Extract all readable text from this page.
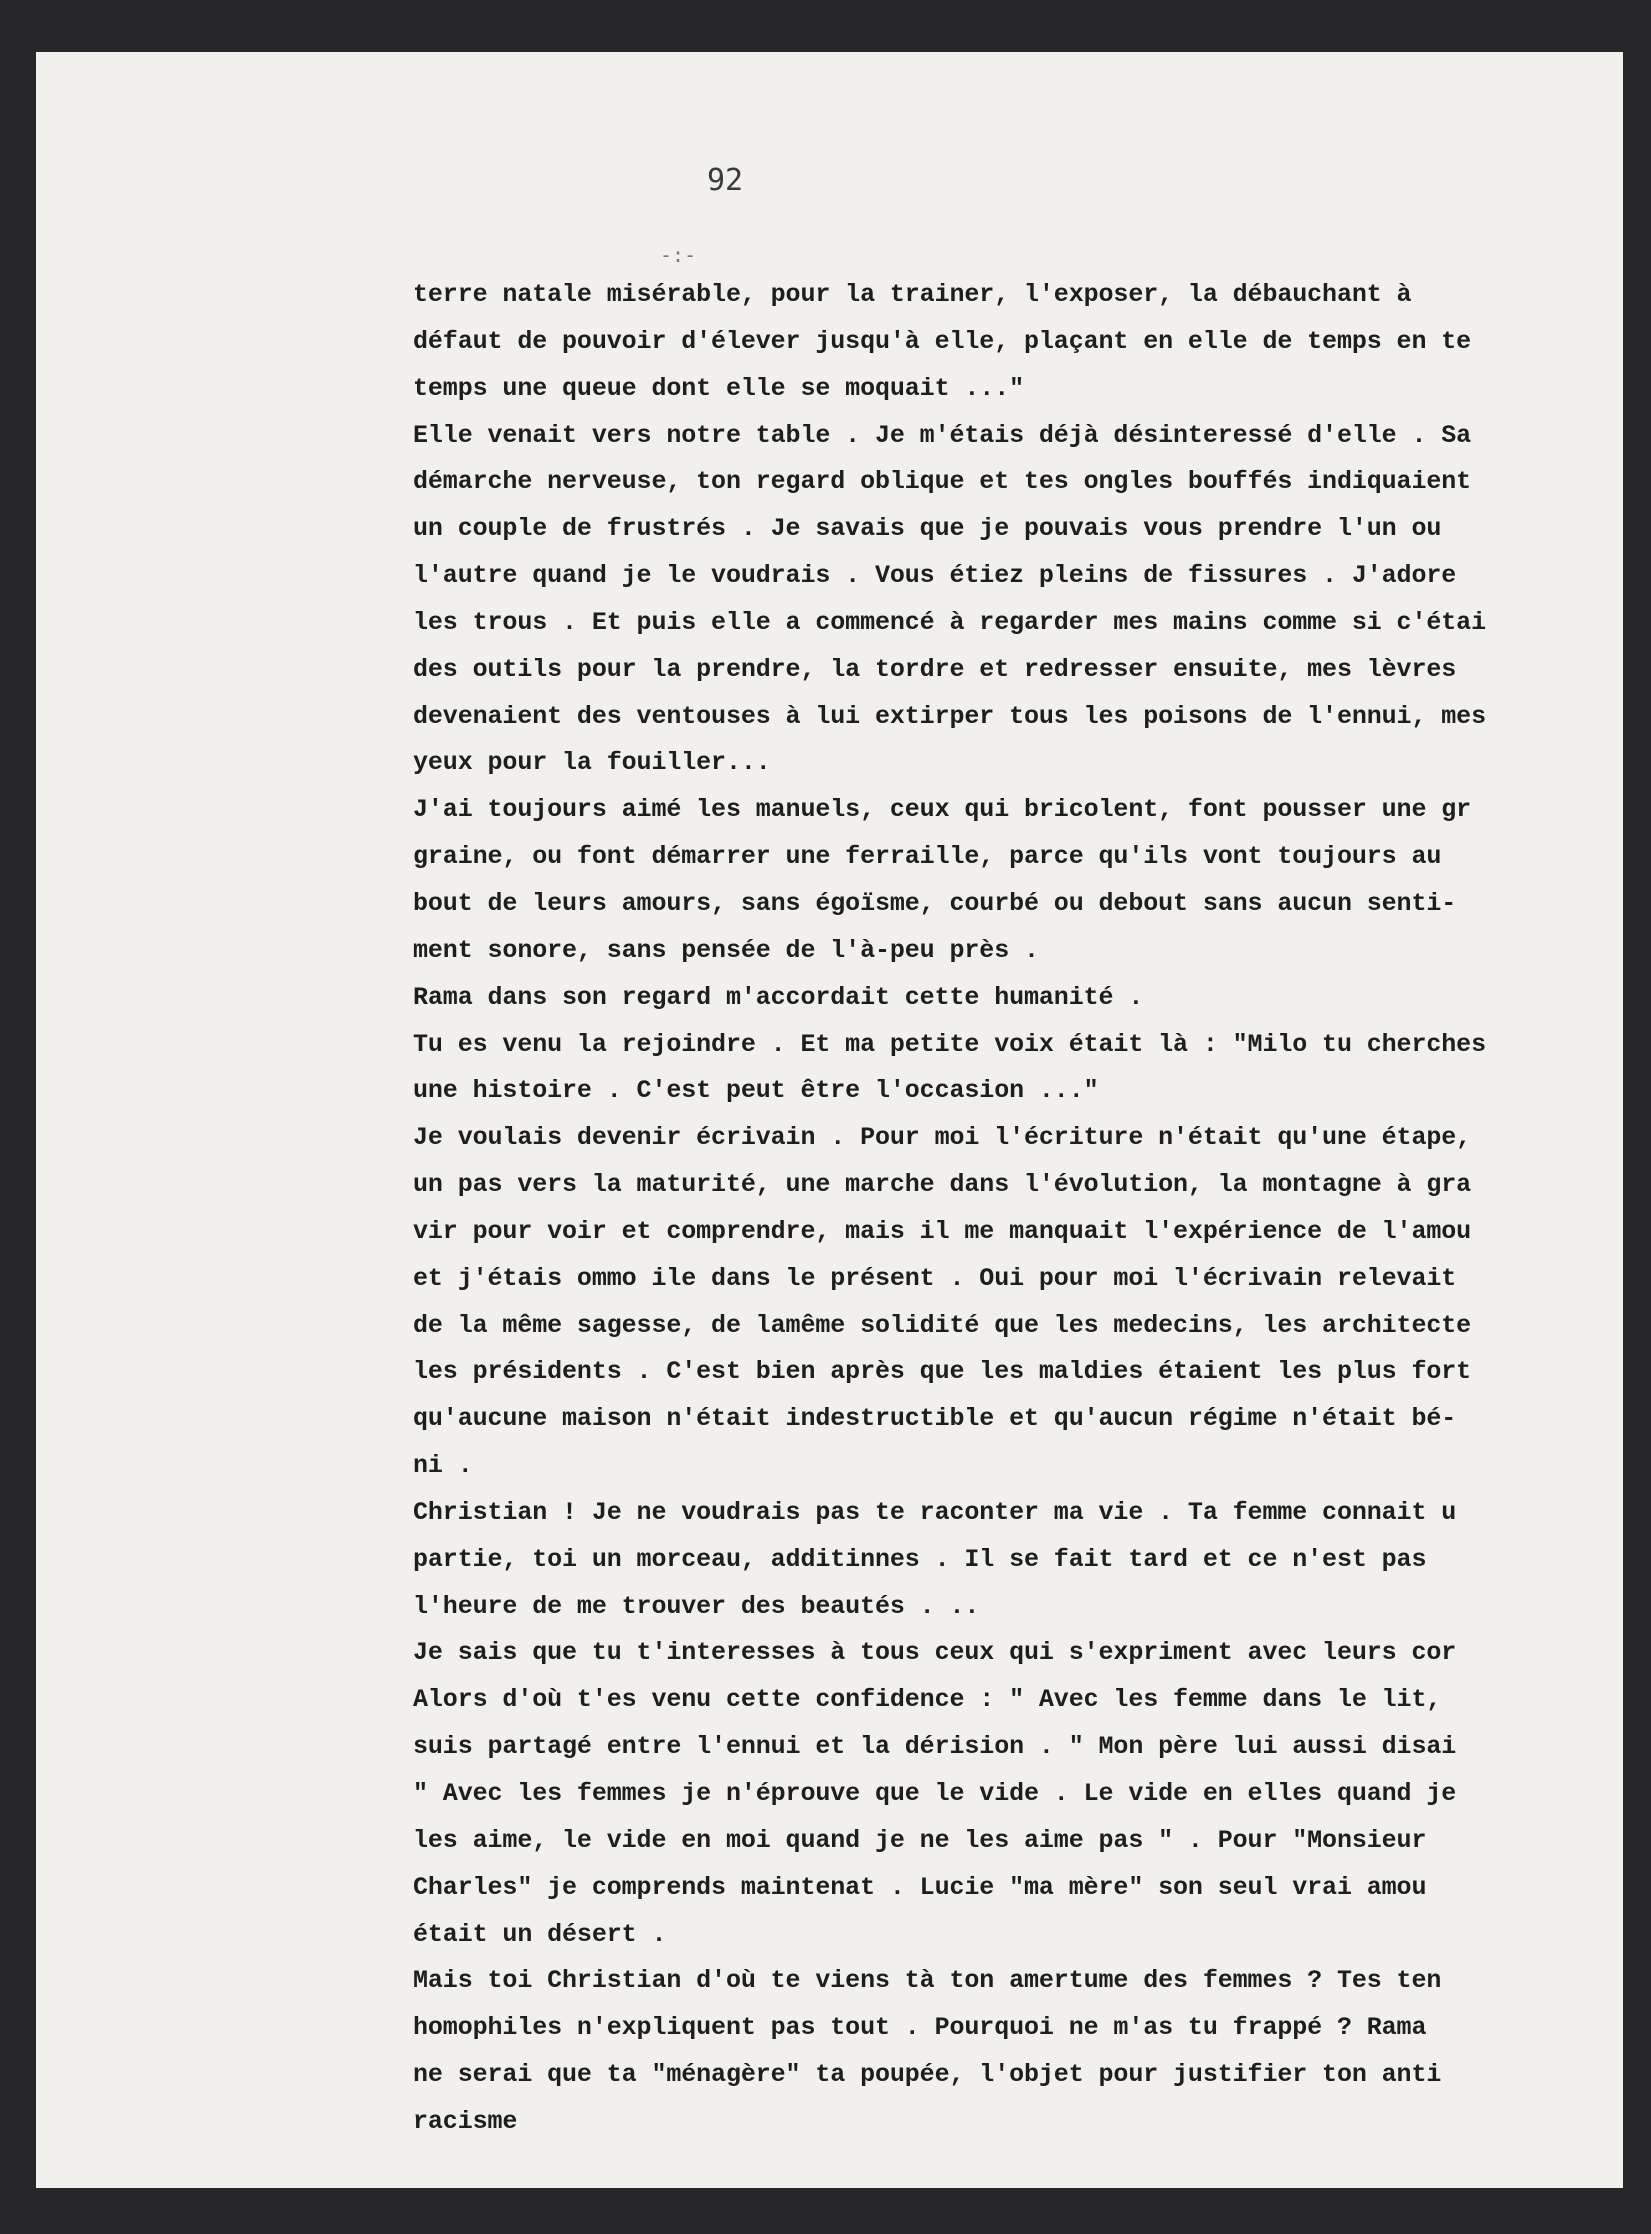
92

-:-
terre natale misérable, pour la trainer, l'exposer, la débauchant à
défaut de pouvoir d'élever jusqu'à elle, plaçant en elle de temps en te
temps une queue dont elle se moquait ..."
Elle venait vers notre table . Je m'étais déjà désinteressé d'elle . Sa
démarche nerveuse, ton regard oblique et tes ongles bouffés indiquaient
un couple de frustrés . Je savais que je pouvais vous prendre l'un ou
l'autre quand je le voudrais . Vous étiez pleins de fissures . J'adore
les trous . Et puis elle a commencé à regarder mes mains comme si c'étai
des outils pour la prendre, la tordre et redresser ensuite, mes lèvres
devenaient des ventouses à lui extirper tous les poisons de l'ennui, mes
yeux pour la fouiller...
J'ai toujours aimé les manuels, ceux qui bricolent, font pousser une gr
graine, ou font démarrer une ferraille, parce qu'ils vont toujours au
bout de leurs amours, sans égoïsme, courbé ou debout sans aucun senti-
ment sonore, sans pensée de l'à-peu près .
Rama dans son regard m'accordait cette humanité .
Tu es venu la rejoindre . Et ma petite voix était là : "Milo tu cherches
une histoire . C'est peut être l'occasion ..."
Je voulais devenir écrivain . Pour moi l'écriture n'était qu'une étape,
un pas vers la maturité, une marche dans l'évolution, la montagne à gra
vir pour voir et comprendre, mais il me manquait l'expérience de l'amou
et j'étais ommo ile dans le présent . Oui pour moi l'écrivain relevait
de la même sagesse, de lamême solidité que les medecins, les architecte
les présidents . C'est bien après que les maldies étaient les plus fort
qu'aucune maison n'était indestructible et qu'aucun régime n'était bé-
ni .
Christian ! Je ne voudrais pas te raconter ma vie . Ta femme connait u
partie, toi un morceau, additinnes . Il se fait tard et ce n'est pas
l'heure de me trouver des beautés . ..
Je sais que tu t'interesses à tous ceux qui s'expriment avec leurs cor
Alors d'où t'es venu cette confidence : " Avec les femme dans le lit,
suis partagé entre l'ennui et la dérision . " Mon père lui aussi disai
" Avec les femmes je n'éprouve que le vide . Le vide en elles quand je
les aime, le vide en moi quand je ne les aime pas " . Pour "Monsieur
Charles" je comprends maintenat . Lucie "ma mère" son seul vrai amou
était un désert .
Mais toi Christian d'où te viens tà ton amertume des femmes ? Tes ten
homophiles n'expliquent pas tout . Pourquoi ne m'as tu frappé ? Rama
ne serai que ta "ménagère" ta poupée, l'objet pour justifier ton anti
racisme
